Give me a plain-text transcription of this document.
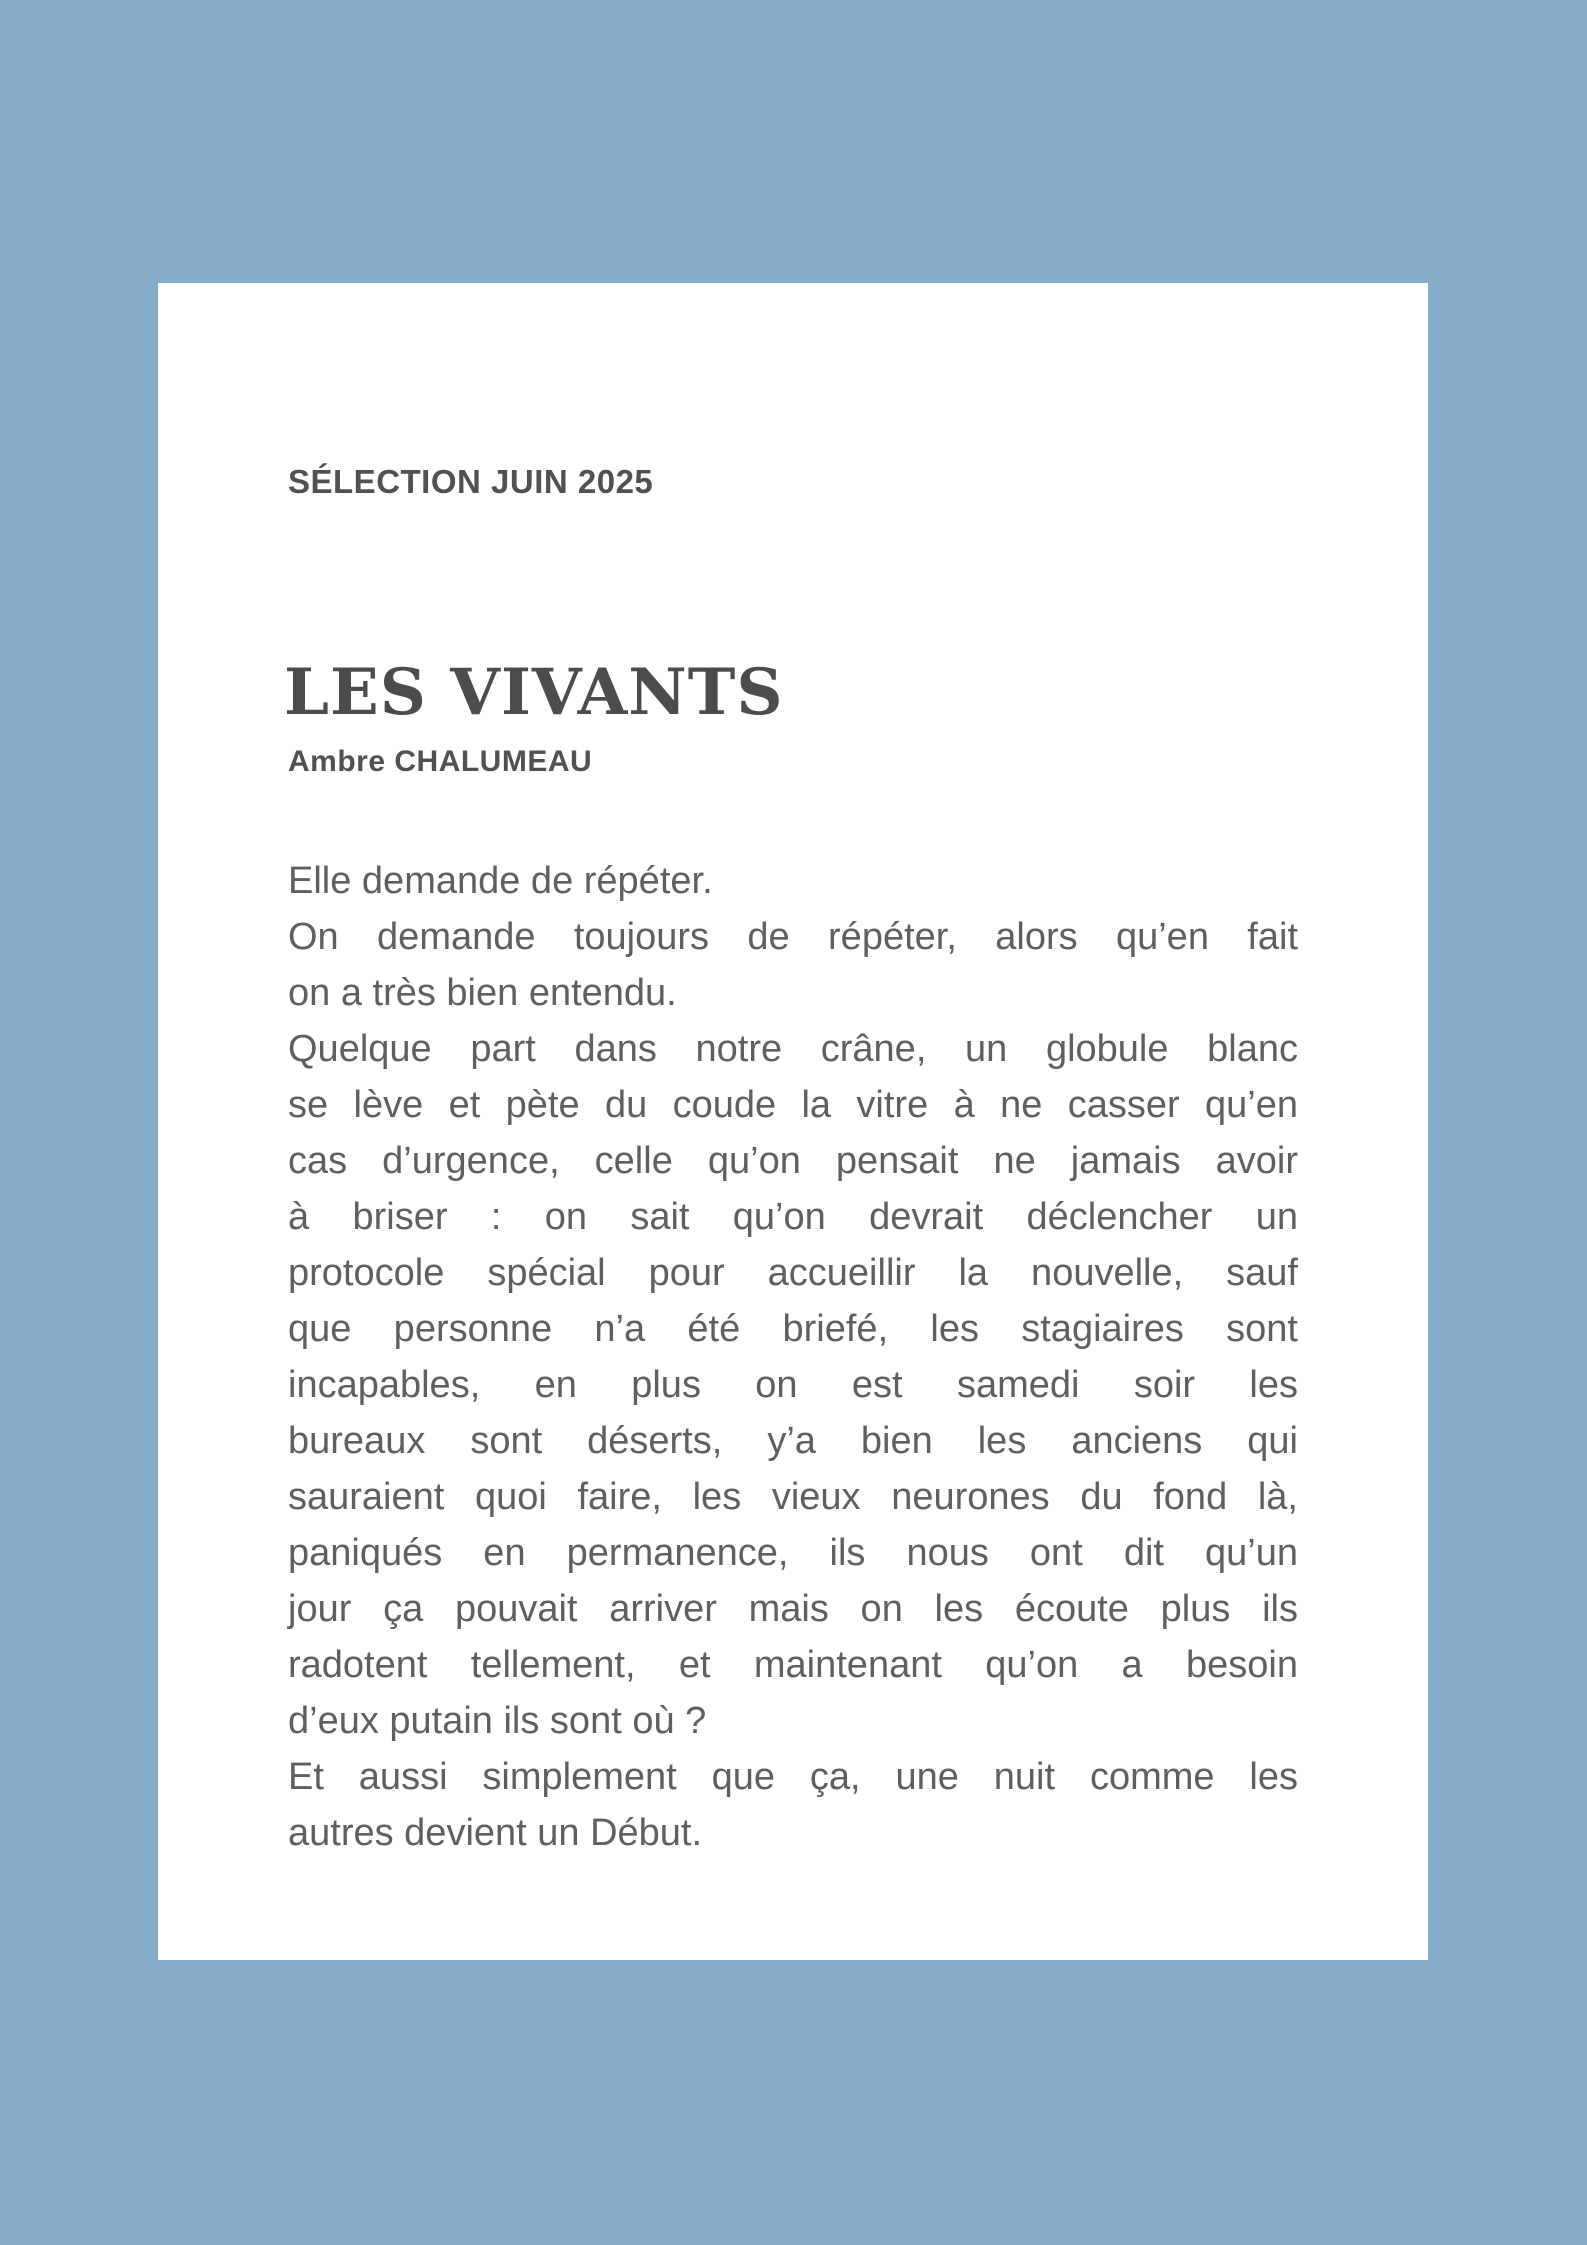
SÉLECTION JUIN 2025
LES VIVANTS
Ambre CHALUMEAU
Elle demande de répéter.
On demande toujours de répéter, alors qu’en fait
on a très bien entendu.
Quelque part dans notre crâne, un globule blanc
se lève et pète du coude la vitre à ne casser qu’en
cas d’urgence, celle qu’on pensait ne jamais avoir
à briser : on sait qu’on devrait déclencher un
protocole spécial pour accueillir la nouvelle, sauf
que personne n’a été briefé, les stagiaires sont
incapables, en plus on est samedi soir les
bureaux sont déserts, y’a bien les anciens qui
sauraient quoi faire, les vieux neurones du fond là,
paniqués en permanence, ils nous ont dit qu’un
jour ça pouvait arriver mais on les écoute plus ils
radotent tellement, et maintenant qu’on a besoin
d’eux putain ils sont où ?
Et aussi simplement que ça, une nuit comme les
autres devient un Début.
